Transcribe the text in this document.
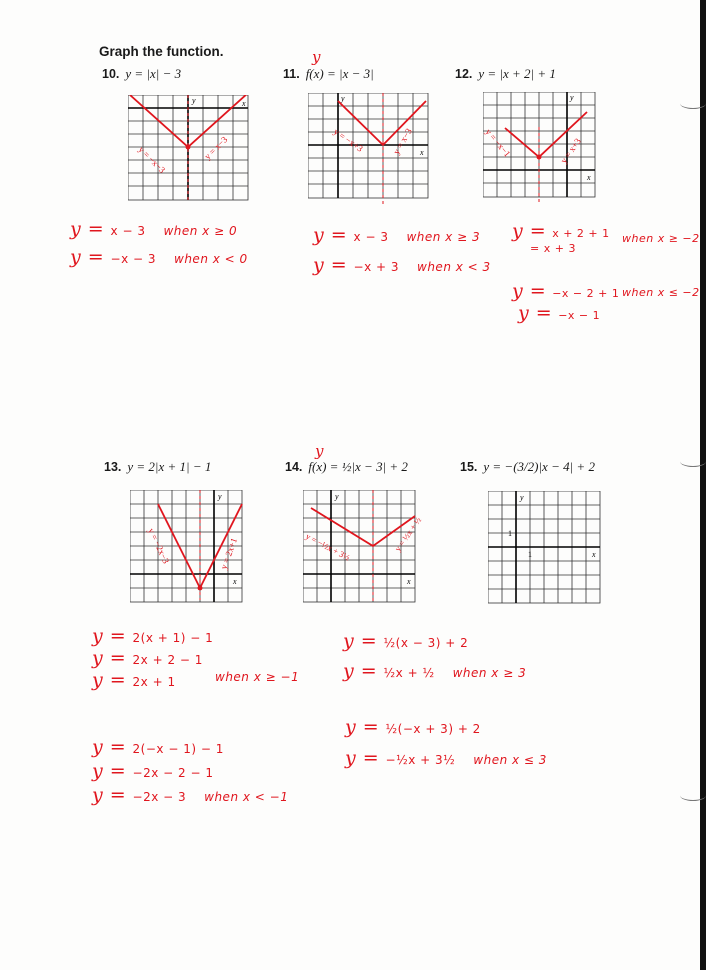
Graph the function.
10. y = |x| − 3	11. f(x) = |x − 3|
y
12. y = |x + 2| + 1
13. y = 2|x + 1| − 1	14. f(x) = ½|x − 3| + 2
y
15. y = −(3/2)|x − 4| + 2
y	x
y = −x−3	y = x−3
y
x
y = −x+3	y = x−3
y
x
y = −x−1	y = x+3
y = x − 3 when x ≥ 0
y = −x − 3 when x < 0
y = x − 3 when x ≥ 3
y = −x + 3 when x < 3
y = x + 2 + 1
= x + 3
when x ≥ −2
y = −x − 2 + 1
y = −x − 1
when x ≤ −2
y
x
y = −2x−3	y = 2x+1
y
x
y = −½x + 3½	y = ½x + ½
y
1
1	x
y = 2(x + 1) − 1
y = 2x + 2 − 1
y = 2x + 1	when x ≥ −1
y = 2(−x − 1) − 1
y = −2x − 2 − 1
y = −2x − 3 when x < −1
y = ½(x − 3) + 2
y = ½x + ½ when x ≥ 3
y = ½(−x + 3) + 2
y = −½x + 3½ when x ≤ 3
